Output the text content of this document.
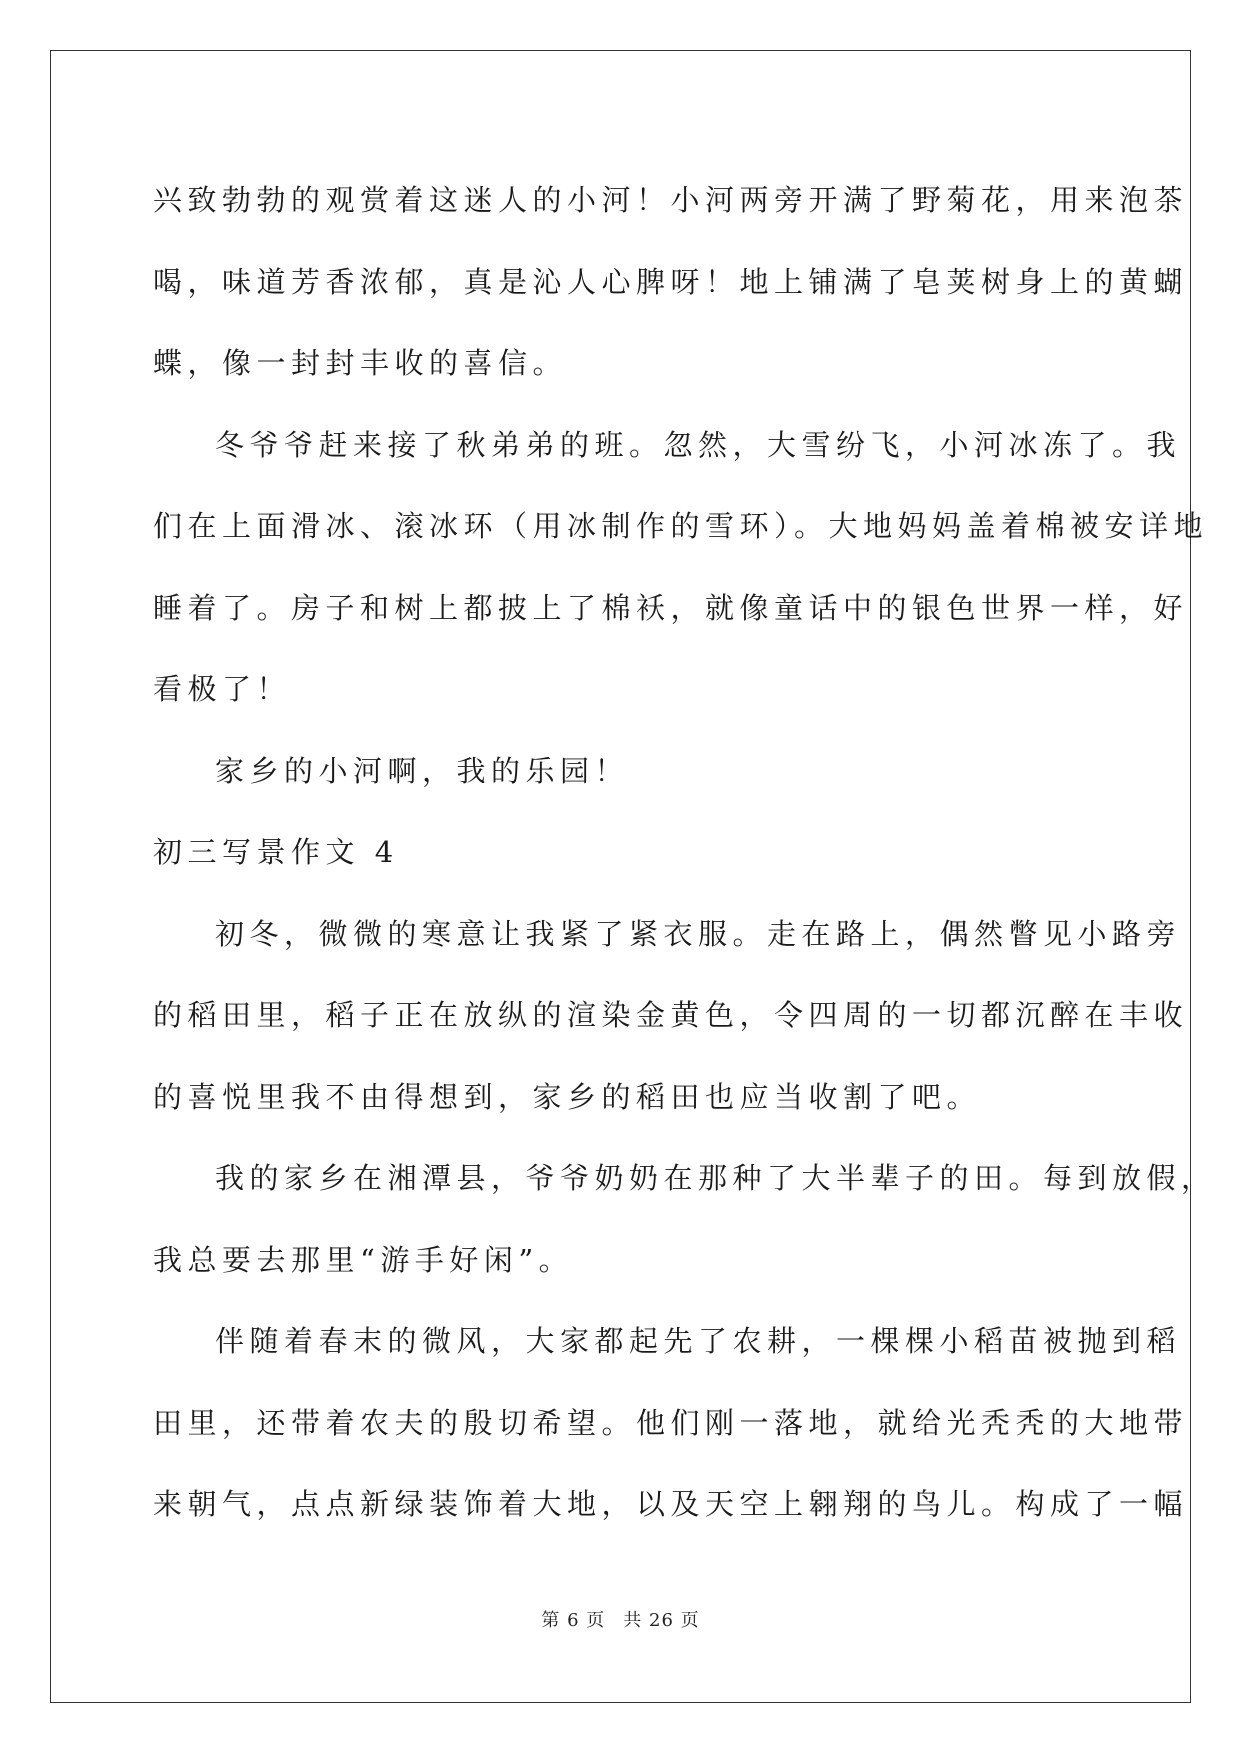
兴致勃勃的观赏着这迷人的小河！小河两旁开满了野菊花，用来泡茶
喝，味道芳香浓郁，真是沁人心脾呀！地上铺满了皂荚树身上的黄蝴
蝶，像一封封丰收的喜信。
冬爷爷赶来接了秋弟弟的班。忽然，大雪纷飞，小河冰冻了。我
们在上面滑冰、滚冰环（用冰制作的雪环）。大地妈妈盖着棉被安详地
睡着了。房子和树上都披上了棉袄，就像童话中的银色世界一样，好
看极了！
家乡的小河啊，我的乐园！
初三写景作文 4
初冬，微微的寒意让我紧了紧衣服。走在路上，偶然瞥见小路旁
的稻田里，稻子正在放纵的渲染金黄色，令四周的一切都沉醉在丰收
的喜悦里我不由得想到，家乡的稻田也应当收割了吧。
我的家乡在湘潭县，爷爷奶奶在那种了大半辈子的田。每到放假，
我总要去那里“游手好闲”。
伴随着春末的微风，大家都起先了农耕，一棵棵小稻苗被抛到稻
田里，还带着农夫的殷切希望。他们刚一落地，就给光秃秃的大地带
来朝气，点点新绿装饰着大地，以及天空上翱翔的鸟儿。构成了一幅
第 6 页 共 26 页
